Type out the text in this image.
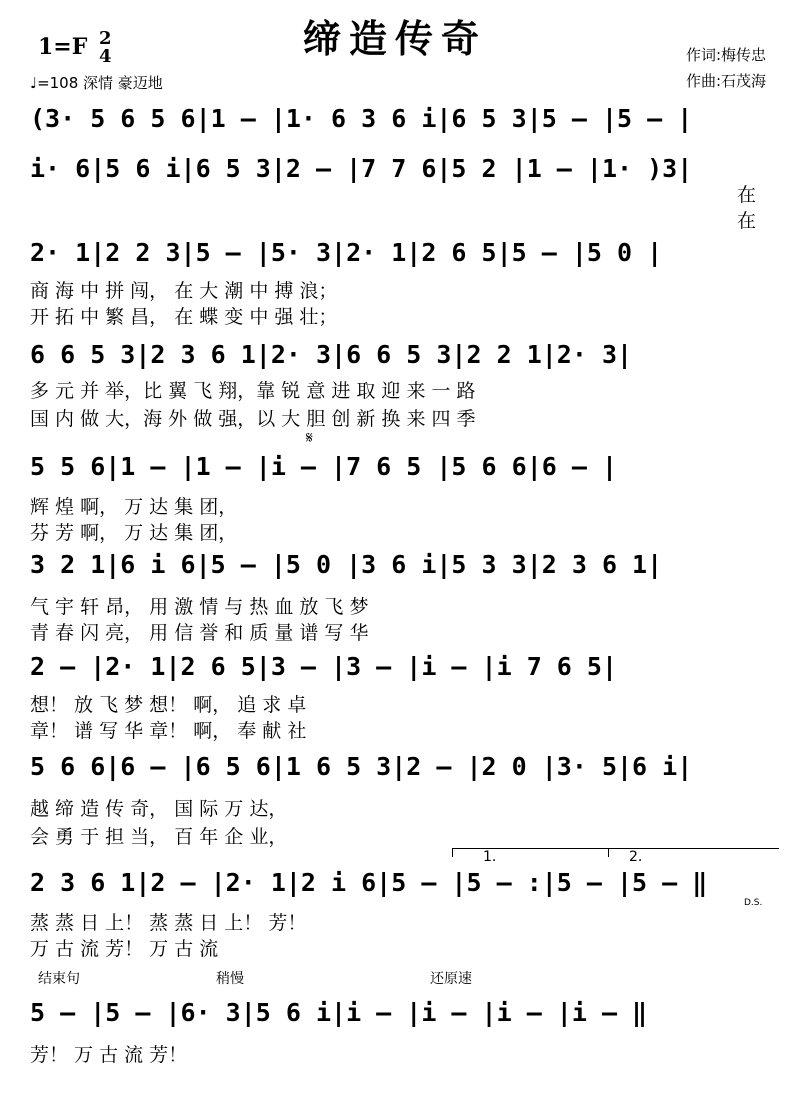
缔造传奇
1=F 2
4
♩=108 深情 豪迈地
作词:梅传忠
作曲:石茂海
(3· 5 6 5 6|1 – |1· 6 3 6 i|6 5 3|5 – |5 – |
i· 6|5 6 i|6 5 3|2 – |7 7 6|5 2 |1 – |1· )3|
在
在
2· 1|2 2 3|5 – |5· 3|2· 1|2 6 5|5 – |5 0 |
商 海 中 拼 闯， 在 大 潮 中 搏 浪；
开 拓 中 繁 昌， 在 蝶 变 中 强 壮；
6 6 5 3|2 3 6 1|2· 3|6 6 5 3|2 2 1|2· 3|
多 元 并 举，比 翼 飞 翔，靠 锐 意 进 取 迎 来 一 路
国 内 做 大，海 外 做 强，以 大 胆 创 新 换 来 四 季
𝄋
5 5 6|1 – |1 – |i – |7 6 5 |5 6 6|6 – |
辉 煌 啊， 万 达 集 团，
芬 芳 啊， 万 达 集 团，
3 2 1|6 i 6|5 – |5 0 |3 6 i|5 3 3|2 3 6 1|
气 宇 轩 昂， 用 激 情 与 热 血 放 飞 梦
青 春 闪 亮， 用 信 誉 和 质 量 谱 写 华
2 – |2· 1|2 6 5|3 – |3 – |i – |i 7 6 5|
想！ 放 飞 梦 想！ 啊， 追 求 卓
章！ 谱 写 华 章！ 啊， 奉 献 社
5 6 6|6 – |6 5 6|1 6 5 3|2 – |2 0 |3· 5|6 i|
越 缔 造 传 奇， 国 际 万 达，
会 勇 于 担 当， 百 年 企 业，
1.	2.
2 3 6 1|2 – |2· 1|2 i 6|5 – |5 – :|5 – |5 – ‖
D.S.
蒸 蒸 日 上！ 蒸 蒸 日 上！ 芳！
万 古 流 芳！ 万 古 流
结束句	稍慢	还原速
5 – |5 – |6· 3|5 6 i|i – |i – |i – |i – ‖
芳！ 万 古 流 芳！
